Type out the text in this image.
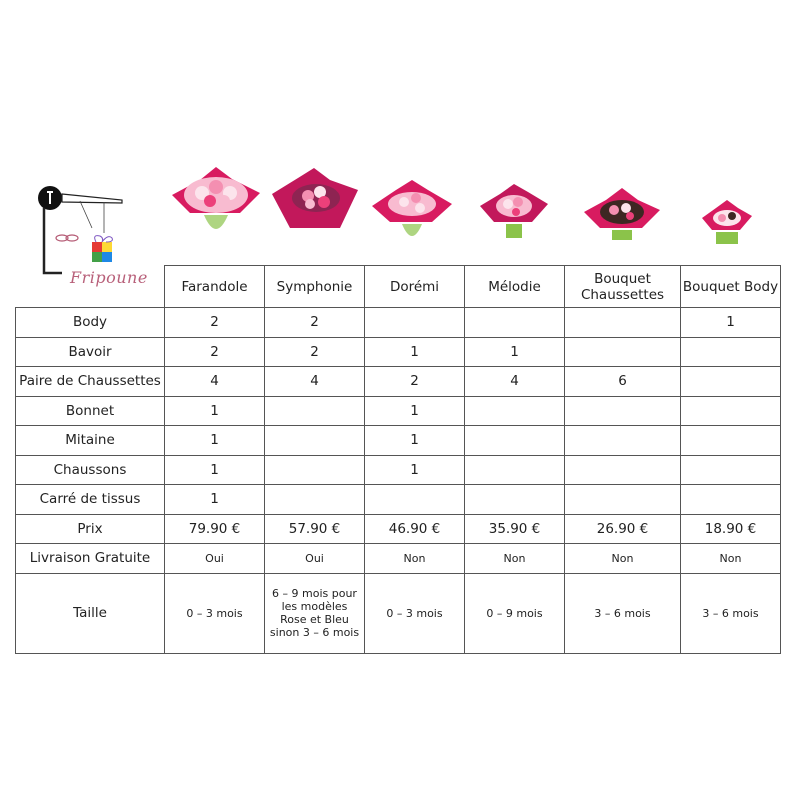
Fripoune
	Farandole	Symphonie	Dorémi	Mélodie	Bouquet Chaussettes	Bouquet Body
Body	2	2				1
Bavoir	2	2	1	1		
Paire de Chaussettes	4	4	2	4	6	
Bonnet	1		1			
Mitaine	1		1			
Chaussons	1		1			
Carré de tissus	1					
Prix	79.90 €	57.90 €	46.90 €	35.90 €	26.90 €	18.90 €
Livraison Gratuite	Oui	Oui	Non	Non	Non	Non
Taille	0 – 3 mois	6 – 9 mois pour les modèles Rose et Bleu sinon 3 – 6 mois	0 – 3 mois	0 – 9 mois	3 – 6 mois	3 – 6 mois
